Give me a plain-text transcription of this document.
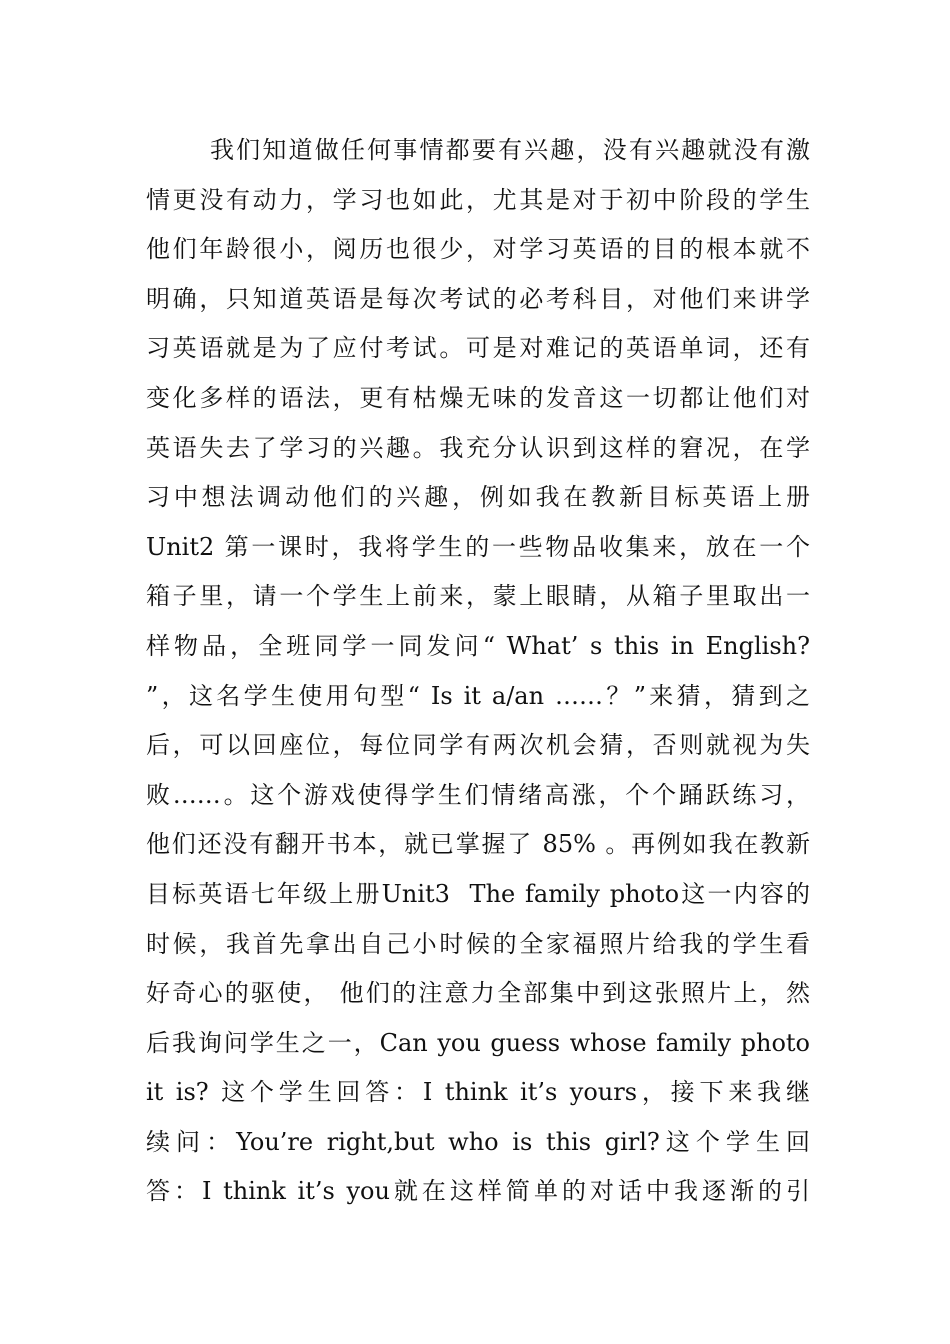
我们知道做任何事情都要有兴趣，没有兴趣就没有激
情更没有动力，学习也如此，尤其是对于初中阶段的学生
他们年龄很小，阅历也很少，对学习英语的目的根本就不
明确，只知道英语是每次考试的必考科目，对他们来讲学
习英语就是为了应付考试。可是对难记的英语单词，还有
变化多样的语法，更有枯燥无味的发音这一切都让他们对
英语失去了学习的兴趣。我充分认识到这样的窘况，在学
习中想法调动他们的兴趣，例如我在教新目标英语上册
Unit2 第一课时，我将学生的一些物品收集来，放在一个
箱子里，请一个学生上前来，蒙上眼睛，从箱子里取出一
样物品，全班同学一同发问“ What’ s this in English?
”，这名学生使用句型“ Is it a/an ……？”来猜，猜到之
后，可以回座位，每位同学有两次机会猜，否则就视为失
败……。这个游戏使得学生们情绪高涨，个个踊跃练习，
他们还没有翻开书本，就已掌握了 85% 。再例如我在教新
目标英语七年级上册Unit3  The family photo这一内容的
时候，我首先拿出自己小时候的全家福照片给我的学生看
好奇心的驱使， 他们的注意力全部集中到这张照片上，然
后我询问学生之一，Can you guess whose family photo
it is? 这个学生回答：I think it’s yours，接下来我继
续问：You’re right,but who is this girl?这个学生回
答：I think it’s you就在这样简单的对话中我逐渐的引
